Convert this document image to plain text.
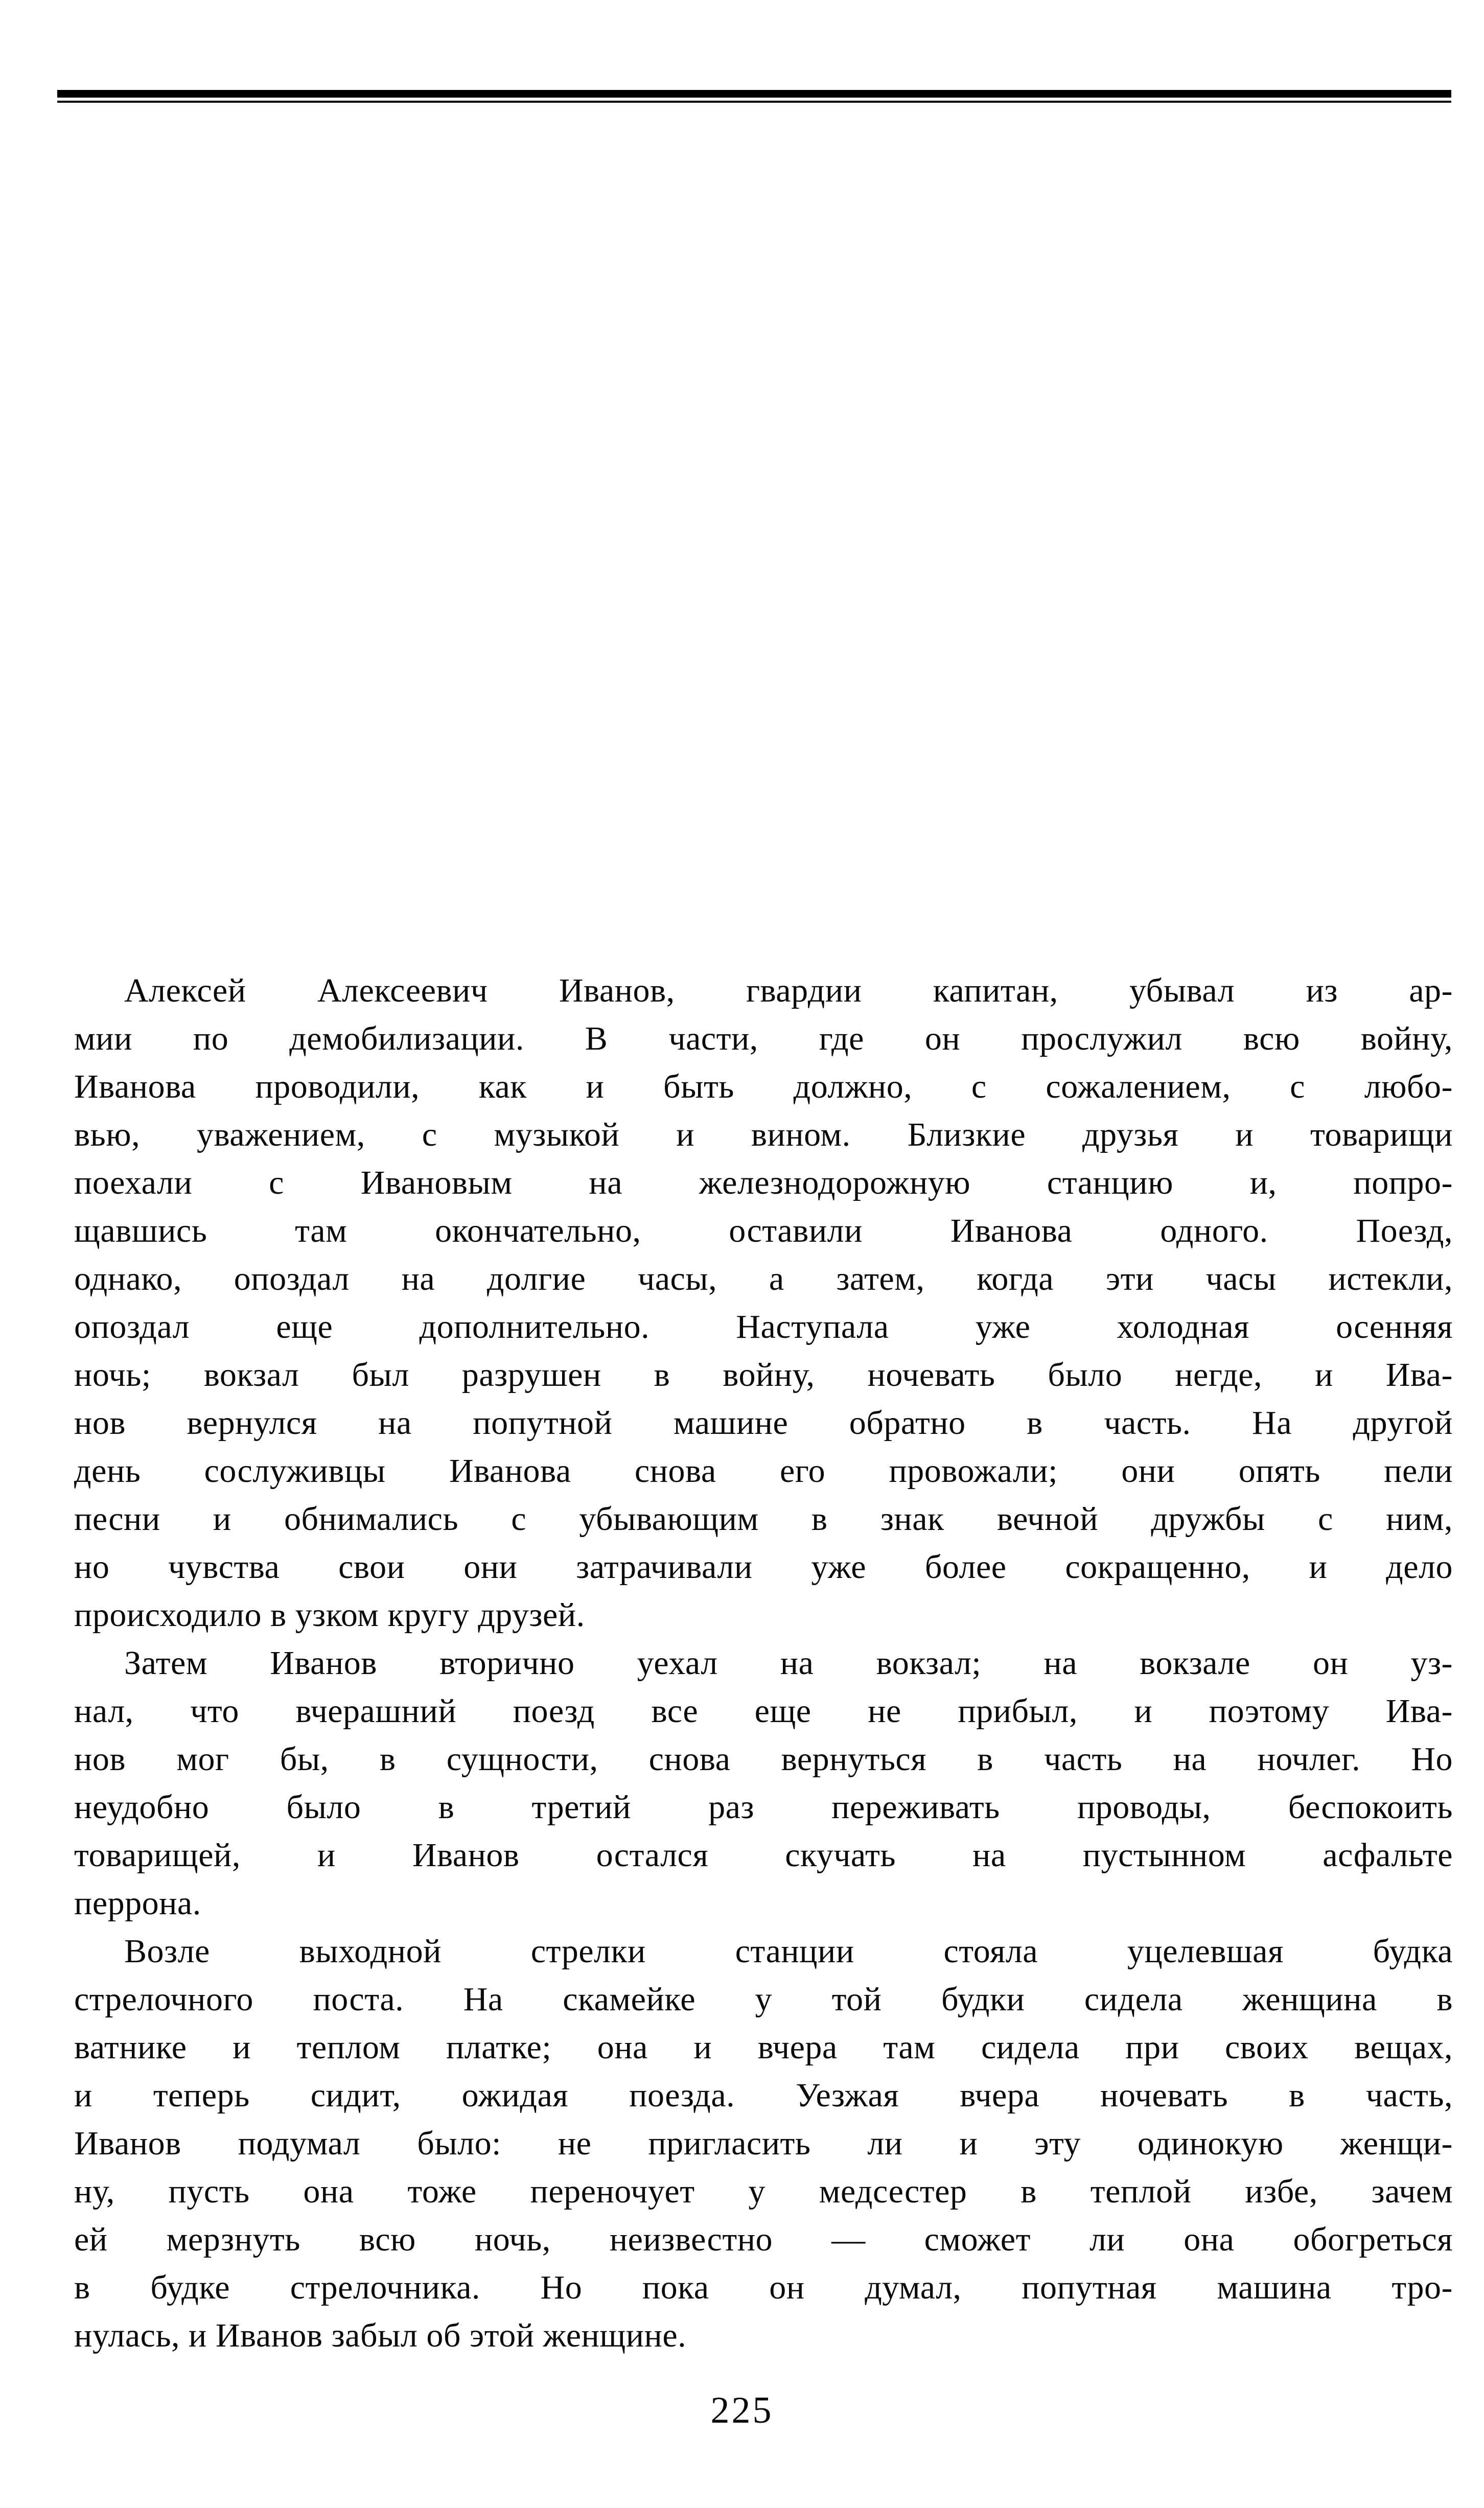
Алексей Алексеевич Иванов, гвардии капитан, убывал из ар-
мии по демобилизации. В части, где он прослужил всю войну,
Иванова проводили, как и быть должно, с сожалением, с любо-
вью, уважением, с музыкой и вином. Близкие друзья и товарищи
поехали с Ивановым на железнодорожную станцию и, попро-
щавшись там окончательно, оставили Иванова одного. Поезд,
однако, опоздал на долгие часы, а затем, когда эти часы истекли,
опоздал еще дополнительно. Наступала уже холодная осенняя
ночь; вокзал был разрушен в войну, ночевать было негде, и Ива-
нов вернулся на попутной машине обратно в часть. На другой
день сослуживцы Иванова снова его провожали; они опять пели
песни и обнимались с убывающим в знак вечной дружбы с ним,
но чувства свои они затрачивали уже более сокращенно, и дело
происходило в узком кругу друзей.
Затем Иванов вторично уехал на вокзал; на вокзале он уз-
нал, что вчерашний поезд все еще не прибыл, и поэтому Ива-
нов мог бы, в сущности, снова вернуться в часть на ночлег. Но
неудобно было в третий раз переживать проводы, беспокоить
товарищей, и Иванов остался скучать на пустынном асфальте
перрона.
Возле выходной стрелки станции стояла уцелевшая будка
стрелочного поста. На скамейке у той будки сидела женщина в
ватнике и теплом платке; она и вчера там сидела при своих вещах,
и теперь сидит, ожидая поезда. Уезжая вчера ночевать в часть,
Иванов подумал было: не пригласить ли и эту одинокую женщи-
ну, пусть она тоже переночует у медсестер в теплой избе, зачем
ей мерзнуть всю ночь, неизвестно — сможет ли она обогреться
в будке стрелочника. Но пока он думал, попутная машина тро-
нулась, и Иванов забыл об этой женщине.
225
